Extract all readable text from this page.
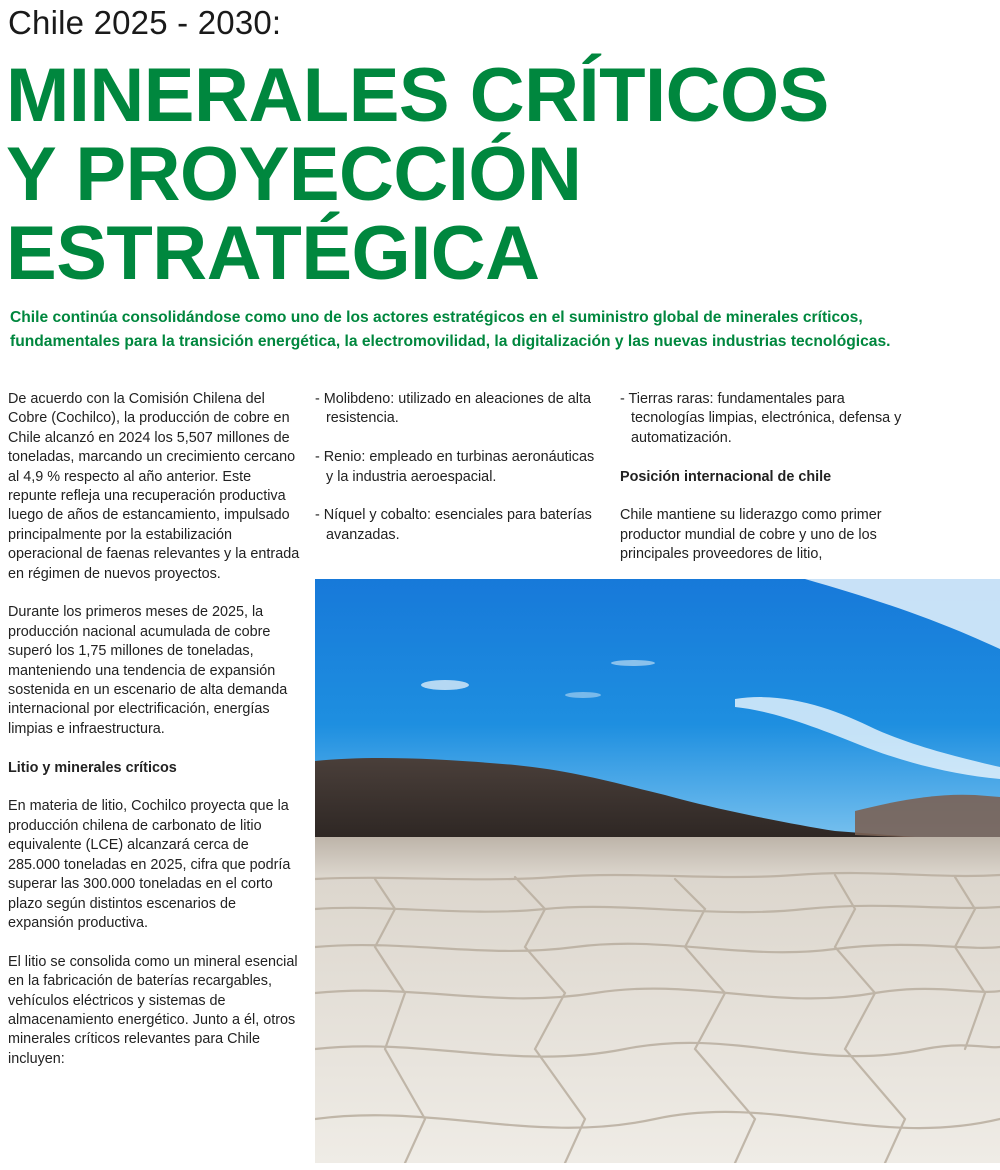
Chile 2025 - 2030:
MINERALES CRÍTICOS
Y PROYECCIÓN
ESTRATÉGICA

Chile continúa consolidándose como uno de los actores estratégicos en el suministro global de minerales críticos, fundamentales para la transición energética, la electromovilidad, la digitalización y las nuevas industrias tecnológicas.

De acuerdo con la Comisión Chilena del Cobre (Cochilco), la producción de cobre en Chile alcanzó en 2024 los 5,507 millones de toneladas, marcando un crecimiento cercano al 4,9 % respecto al año anterior. Este repunte refleja una recuperación productiva luego de años de estancamiento, impulsado principalmente por la estabilización operacional de faenas relevantes y la entrada en régimen de nuevos proyectos.

Durante los primeros meses de 2025, la producción nacional acumulada de cobre superó los 1,75 millones de toneladas, manteniendo una tendencia de expansión sostenida en un escenario de alta demanda internacional por electrificación, energías limpias e infraestructura.

Litio y minerales críticos

En materia de litio, Cochilco proyecta que la producción chilena de carbonato de litio equivalente (LCE) alcanzará cerca de 285.000 toneladas en 2025, cifra que podría superar las 300.000 toneladas en el corto plazo según distintos escenarios de expansión productiva.

El litio se consolida como un mineral esencial en la fabricación de baterías recargables, vehículos eléctricos y sistemas de almacenamiento energético. Junto a él, otros minerales críticos relevantes para Chile incluyen:

- Molibdeno: utilizado en aleaciones de alta resistencia.

- Renio: empleado en turbinas aeronáuticas y la industria aeroespacial.

- Níquel y cobalto: esenciales para baterías avanzadas.

- Tierras raras: fundamentales para tecnologías limpias, electrónica, defensa y automatización.

Posición internacional de chile

Chile mantiene su liderazgo como primer productor mundial de cobre y uno de los principales proveedores de litio,
